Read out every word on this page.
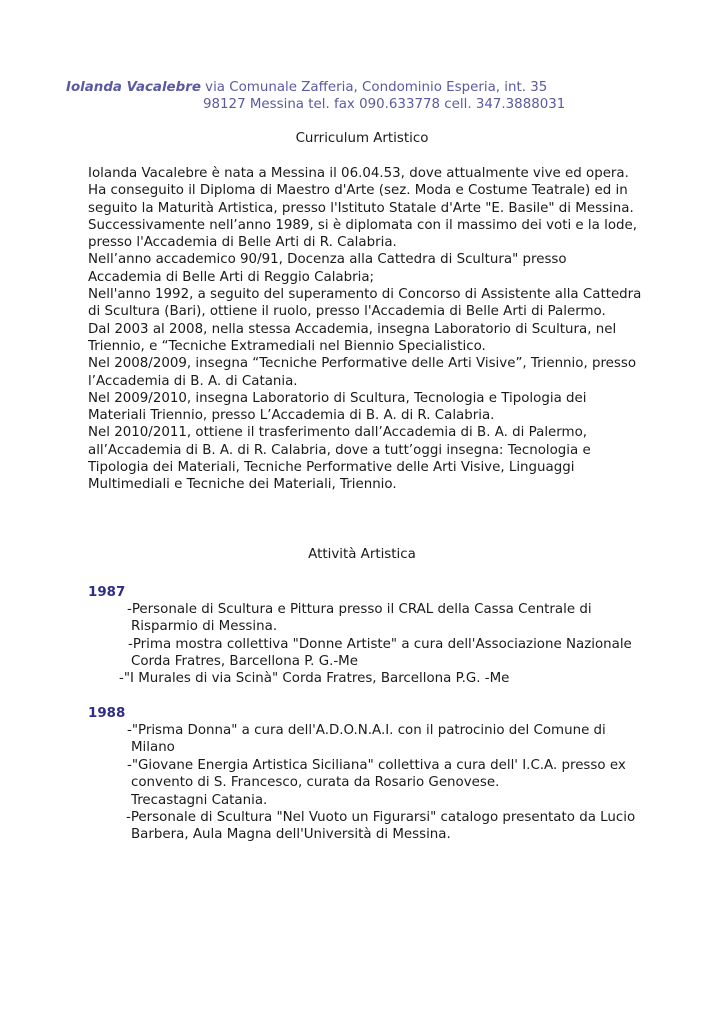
Iolanda Vacalebre via Comunale Zafferia, Condominio Esperia, int. 35
98127 Messina tel. fax 090.633778 cell. 347.3888031
Curriculum Artistico
Iolanda Vacalebre è nata a Messina il 06.04.53, dove attualmente vive ed opera.
Ha conseguito il Diploma di Maestro d'Arte (sez. Moda e Costume Teatrale) ed in
seguito la Maturità Artistica, presso l'Istituto Statale d'Arte "E. Basile" di Messina.
Successivamente nell’anno 1989, si è diplomata con il massimo dei voti e la lode,
presso l'Accademia di Belle Arti di R. Calabria.
Nell’anno accademico 90/91, Docenza alla Cattedra di Scultura" presso
Accademia di Belle Arti di Reggio Calabria;
Nell'anno 1992, a seguito del superamento di Concorso di Assistente alla Cattedra
di Scultura (Bari), ottiene il ruolo, presso l'Accademia di Belle Arti di Palermo.
Dal 2003 al 2008, nella stessa Accademia, insegna Laboratorio di Scultura, nel
Triennio, e “Tecniche Extramediali nel Biennio Specialistico.
Nel 2008/2009, insegna “Tecniche Performative delle Arti Visive”, Triennio, presso
l’Accademia di B. A. di Catania.
Nel 2009/2010, insegna Laboratorio di Scultura, Tecnologia e Tipologia dei
Materiali Triennio, presso L’Accademia di B. A. di R. Calabria.
Nel 2010/2011, ottiene il trasferimento dall’Accademia di B. A. di Palermo,
all’Accademia di B. A. di R. Calabria, dove a tutt’oggi insegna: Tecnologia e
Tipologia dei Materiali, Tecniche Performative delle Arti Visive, Linguaggi
Multimediali e Tecniche dei Materiali, Triennio.
Attività Artistica
1987
-Personale di Scultura e Pittura presso il CRAL della Cassa Centrale di
Risparmio di Messina.
-Prima mostra collettiva "Donne Artiste" a cura dell'Associazione Nazionale
Corda Fratres, Barcellona P. G.-Me
-"I Murales di via Scinà" Corda Fratres, Barcellona P.G. -Me
1988
-"Prisma Donna" a cura dell'A.D.O.N.A.I. con il patrocinio del Comune di
Milano
-"Giovane Energia Artistica Siciliana" collettiva a cura dell' I.C.A. presso ex
convento di S. Francesco, curata da Rosario Genovese.
Trecastagni Catania.
-Personale di Scultura "Nel Vuoto un Figurarsi" catalogo presentato da Lucio
Barbera, Aula Magna dell'Università di Messina.
